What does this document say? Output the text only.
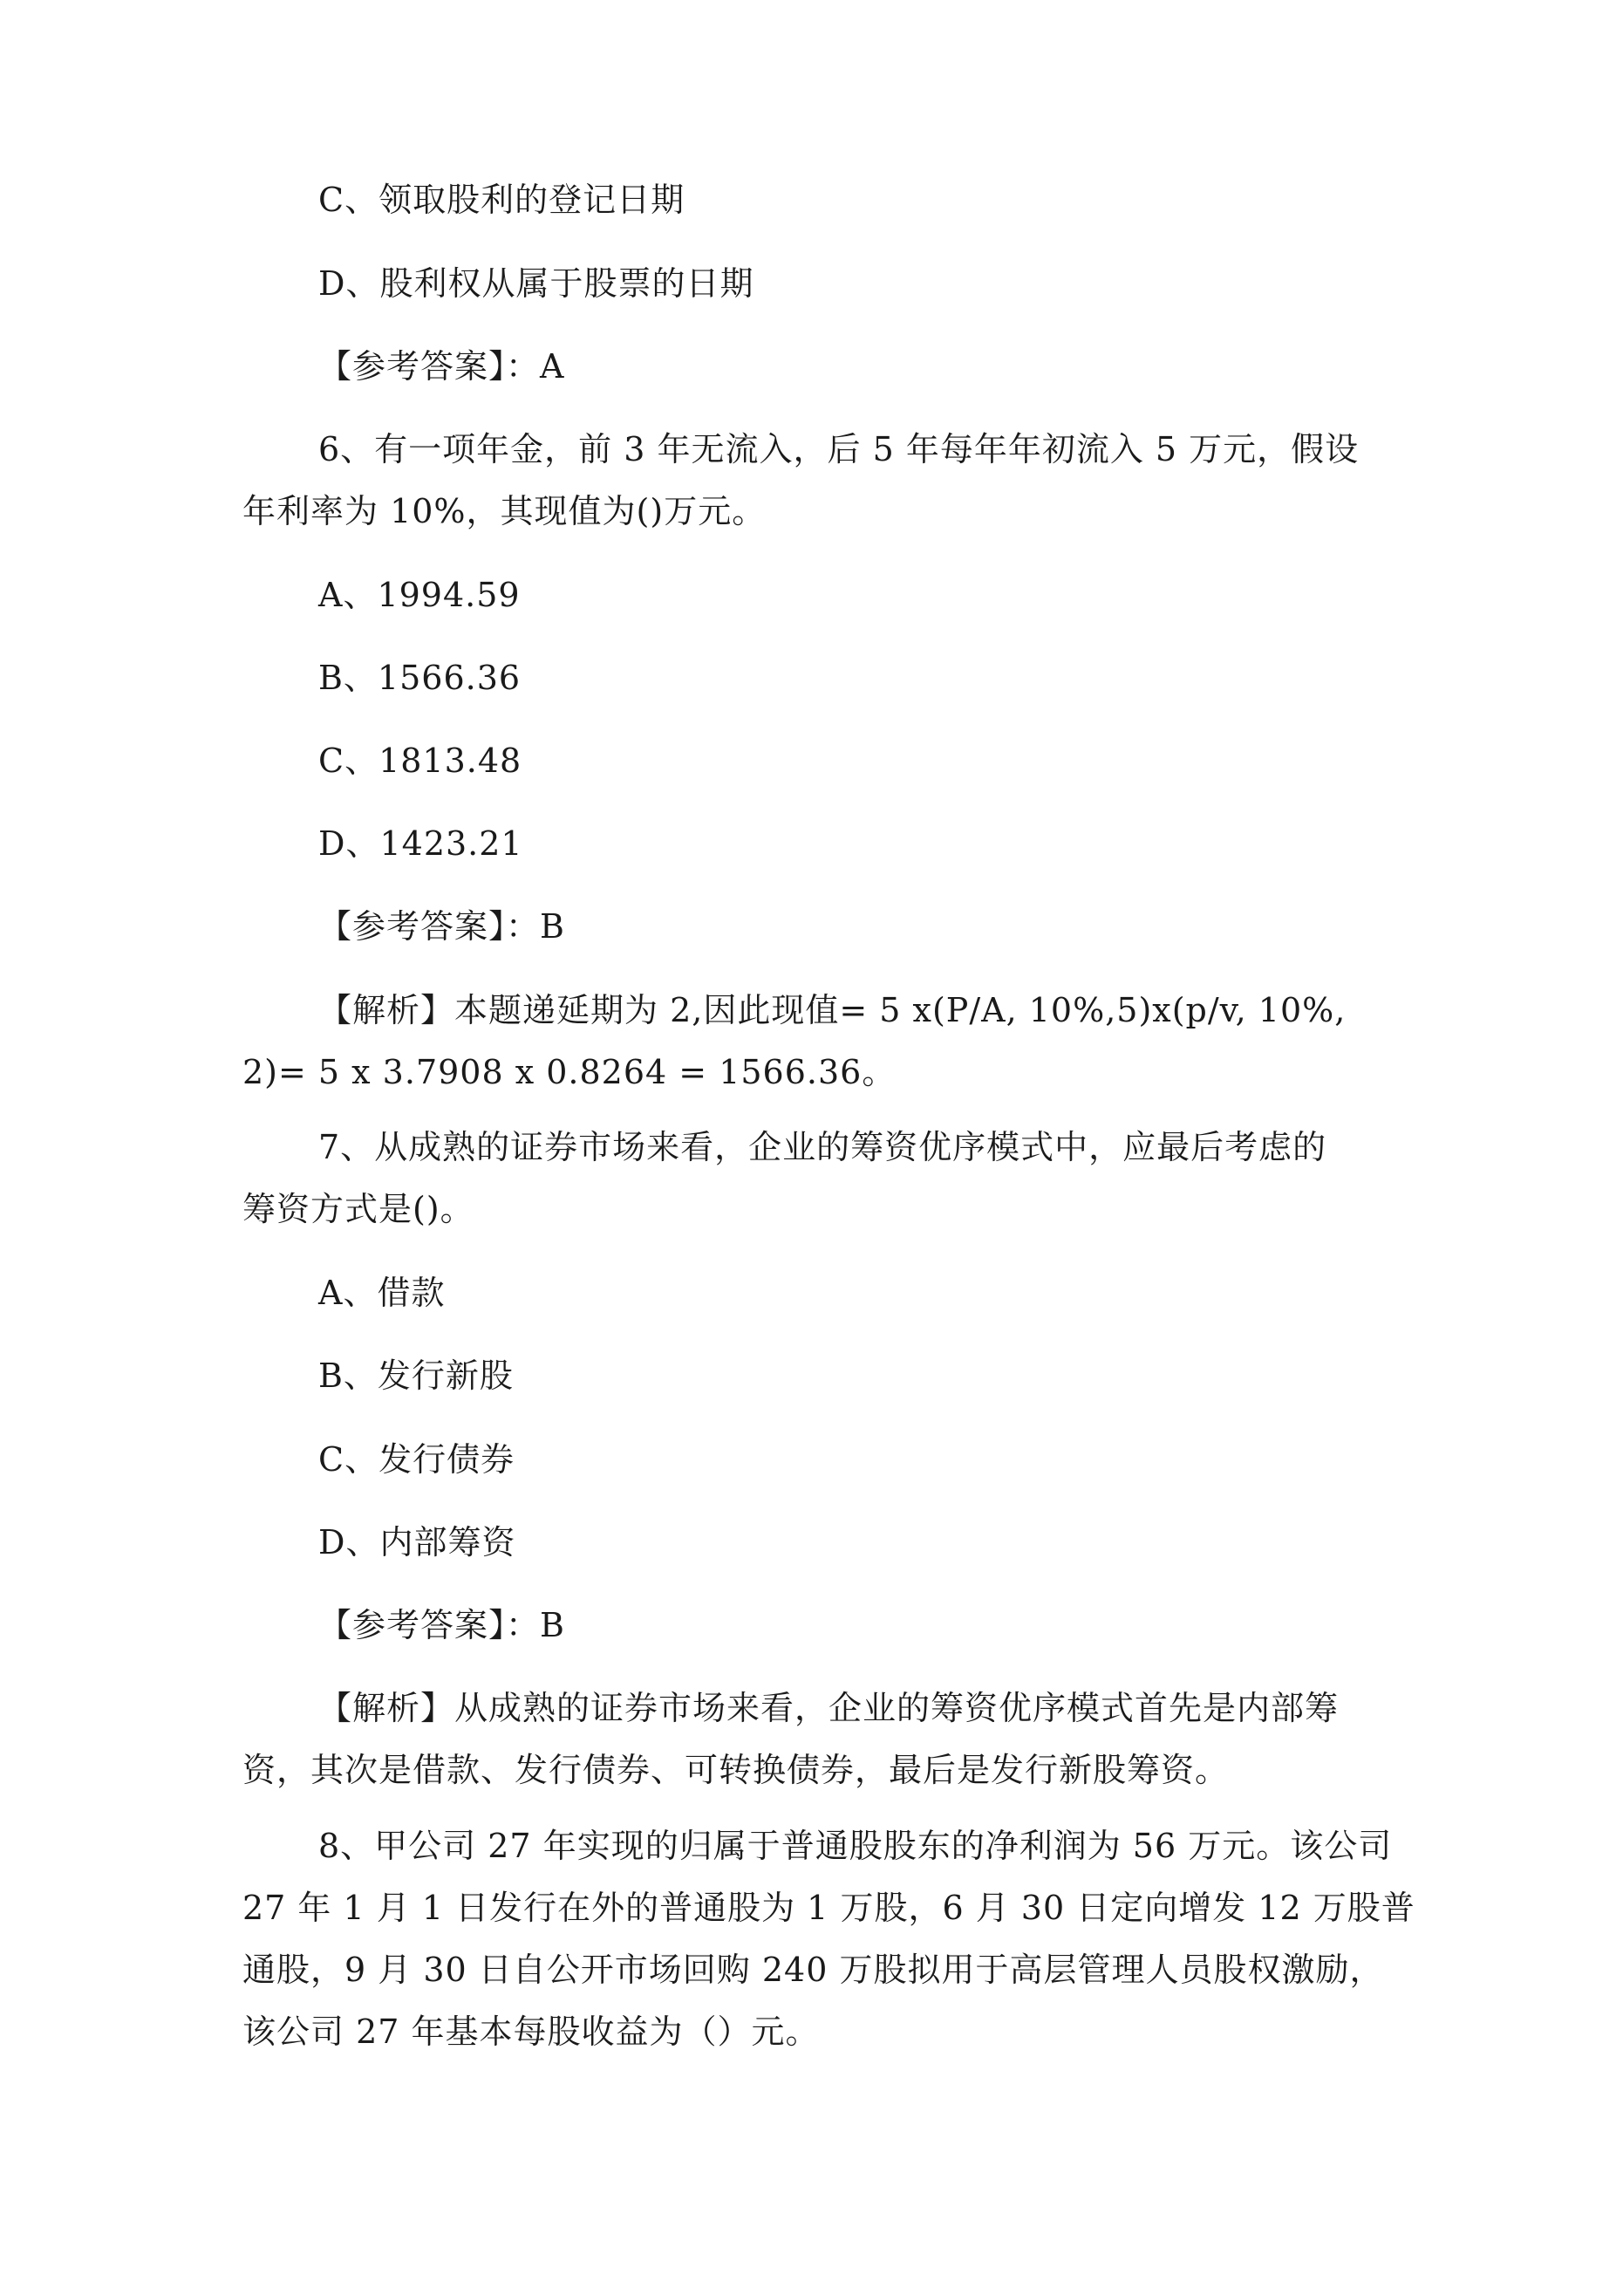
C、领取股利的登记日期
D、股利权从属于股票的日期
【参考答案】：A
6、有一项年金，前 3 年无流入，后 5 年每年年初流入 5 万元，假设
年利率为 10%，其现值为()万元。
A、1994.59
B、1566.36
C、1813.48
D、1423.21
【参考答案】：B
【解析】本题递延期为 2,因此现值= 5 x(P/A, 10%,5)x(p/v, 10%,
2)= 5 x 3.7908 x 0.8264 = 1566.36。
7、从成熟的证券市场来看，企业的筹资优序模式中，应最后考虑的
筹资方式是()。
A、借款
B、发行新股
C、发行债券
D、内部筹资
【参考答案】：B
【解析】从成熟的证券市场来看，企业的筹资优序模式首先是内部筹
资，其次是借款、发行债券、可转换债券，最后是发行新股筹资。
8、甲公司 27 年实现的归属于普通股股东的净利润为 56 万元。该公司
27 年 1 月 1 日发行在外的普通股为 1 万股，6 月 30 日定向增发 12 万股普
通股，9 月 30 日自公开市场回购 240 万股拟用于高层管理人员股权激励，
该公司 27 年基本每股收益为（）元。
